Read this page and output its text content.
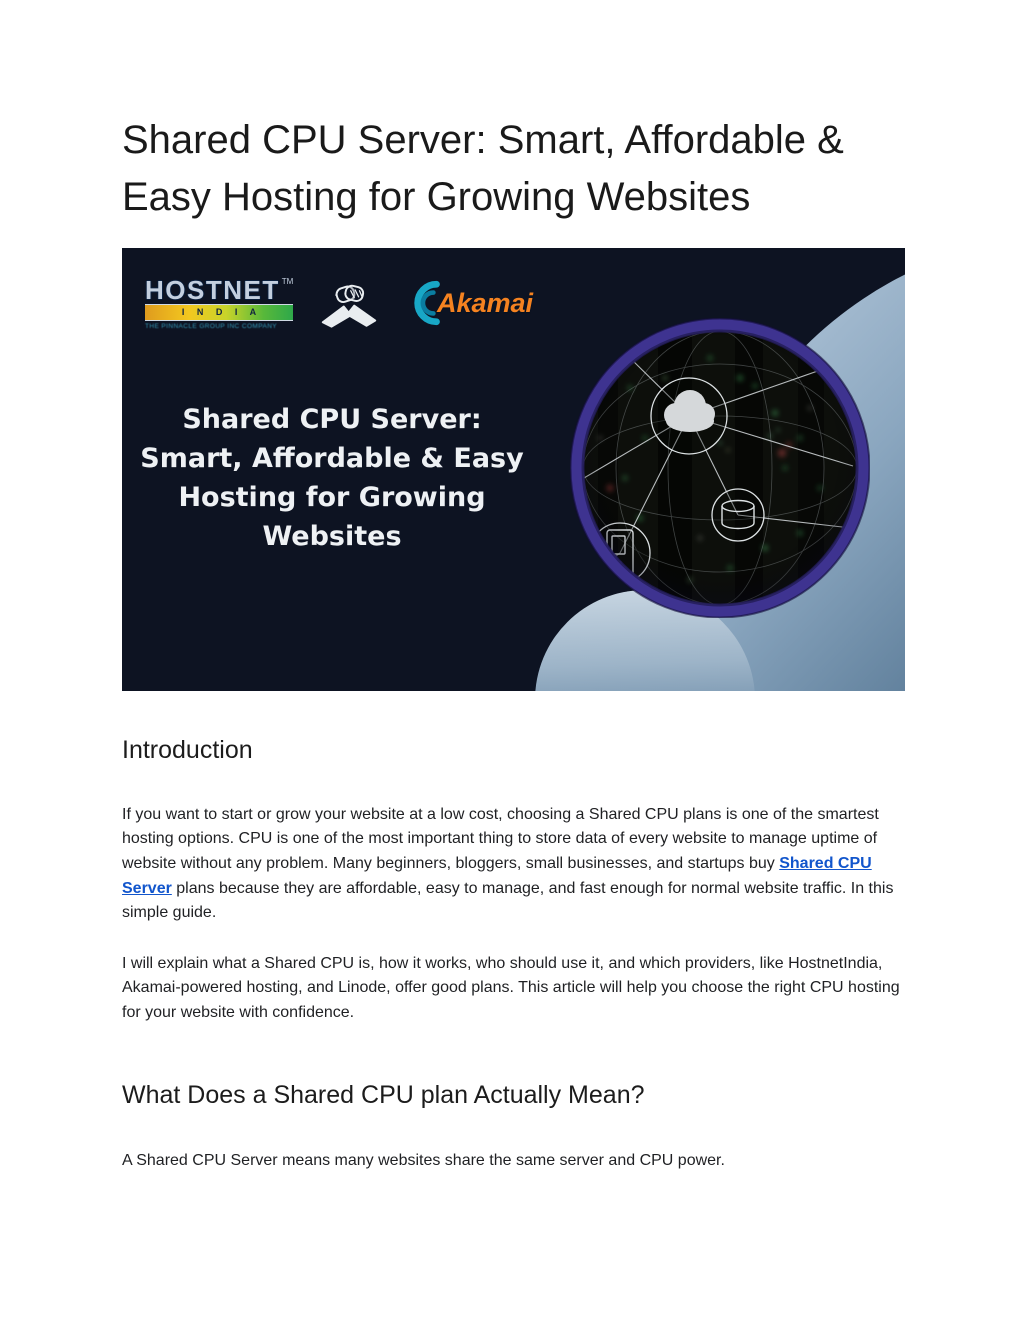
Shared CPU Server: Smart, Affordable & Easy Hosting for Growing Websites
HOSTNET TM
I N D I A
THE PINNACLE GROUP INC COMPANY
Akamai
Shared CPU Server:
Smart, Affordable & Easy
Hosting for Growing
Websites
Introduction

If you want to start or grow your website at a low cost, choosing a Shared CPU plans is one of the smartest hosting options. CPU is one of the most important thing to store data of every website to manage uptime of website without any problem. Many beginners, bloggers, small businesses, and startups buy Shared CPU Server plans because they are affordable, easy to manage, and fast enough for normal website traffic. In this simple guide.

I will explain what a Shared CPU is, how it works, who should use it, and which providers, like HostnetIndia, Akamai-powered hosting, and Linode, offer good plans. This article will help you choose the right CPU hosting for your website with confidence.

What Does a Shared CPU plan Actually Mean?

A Shared CPU Server means many websites share the same server and CPU power.
